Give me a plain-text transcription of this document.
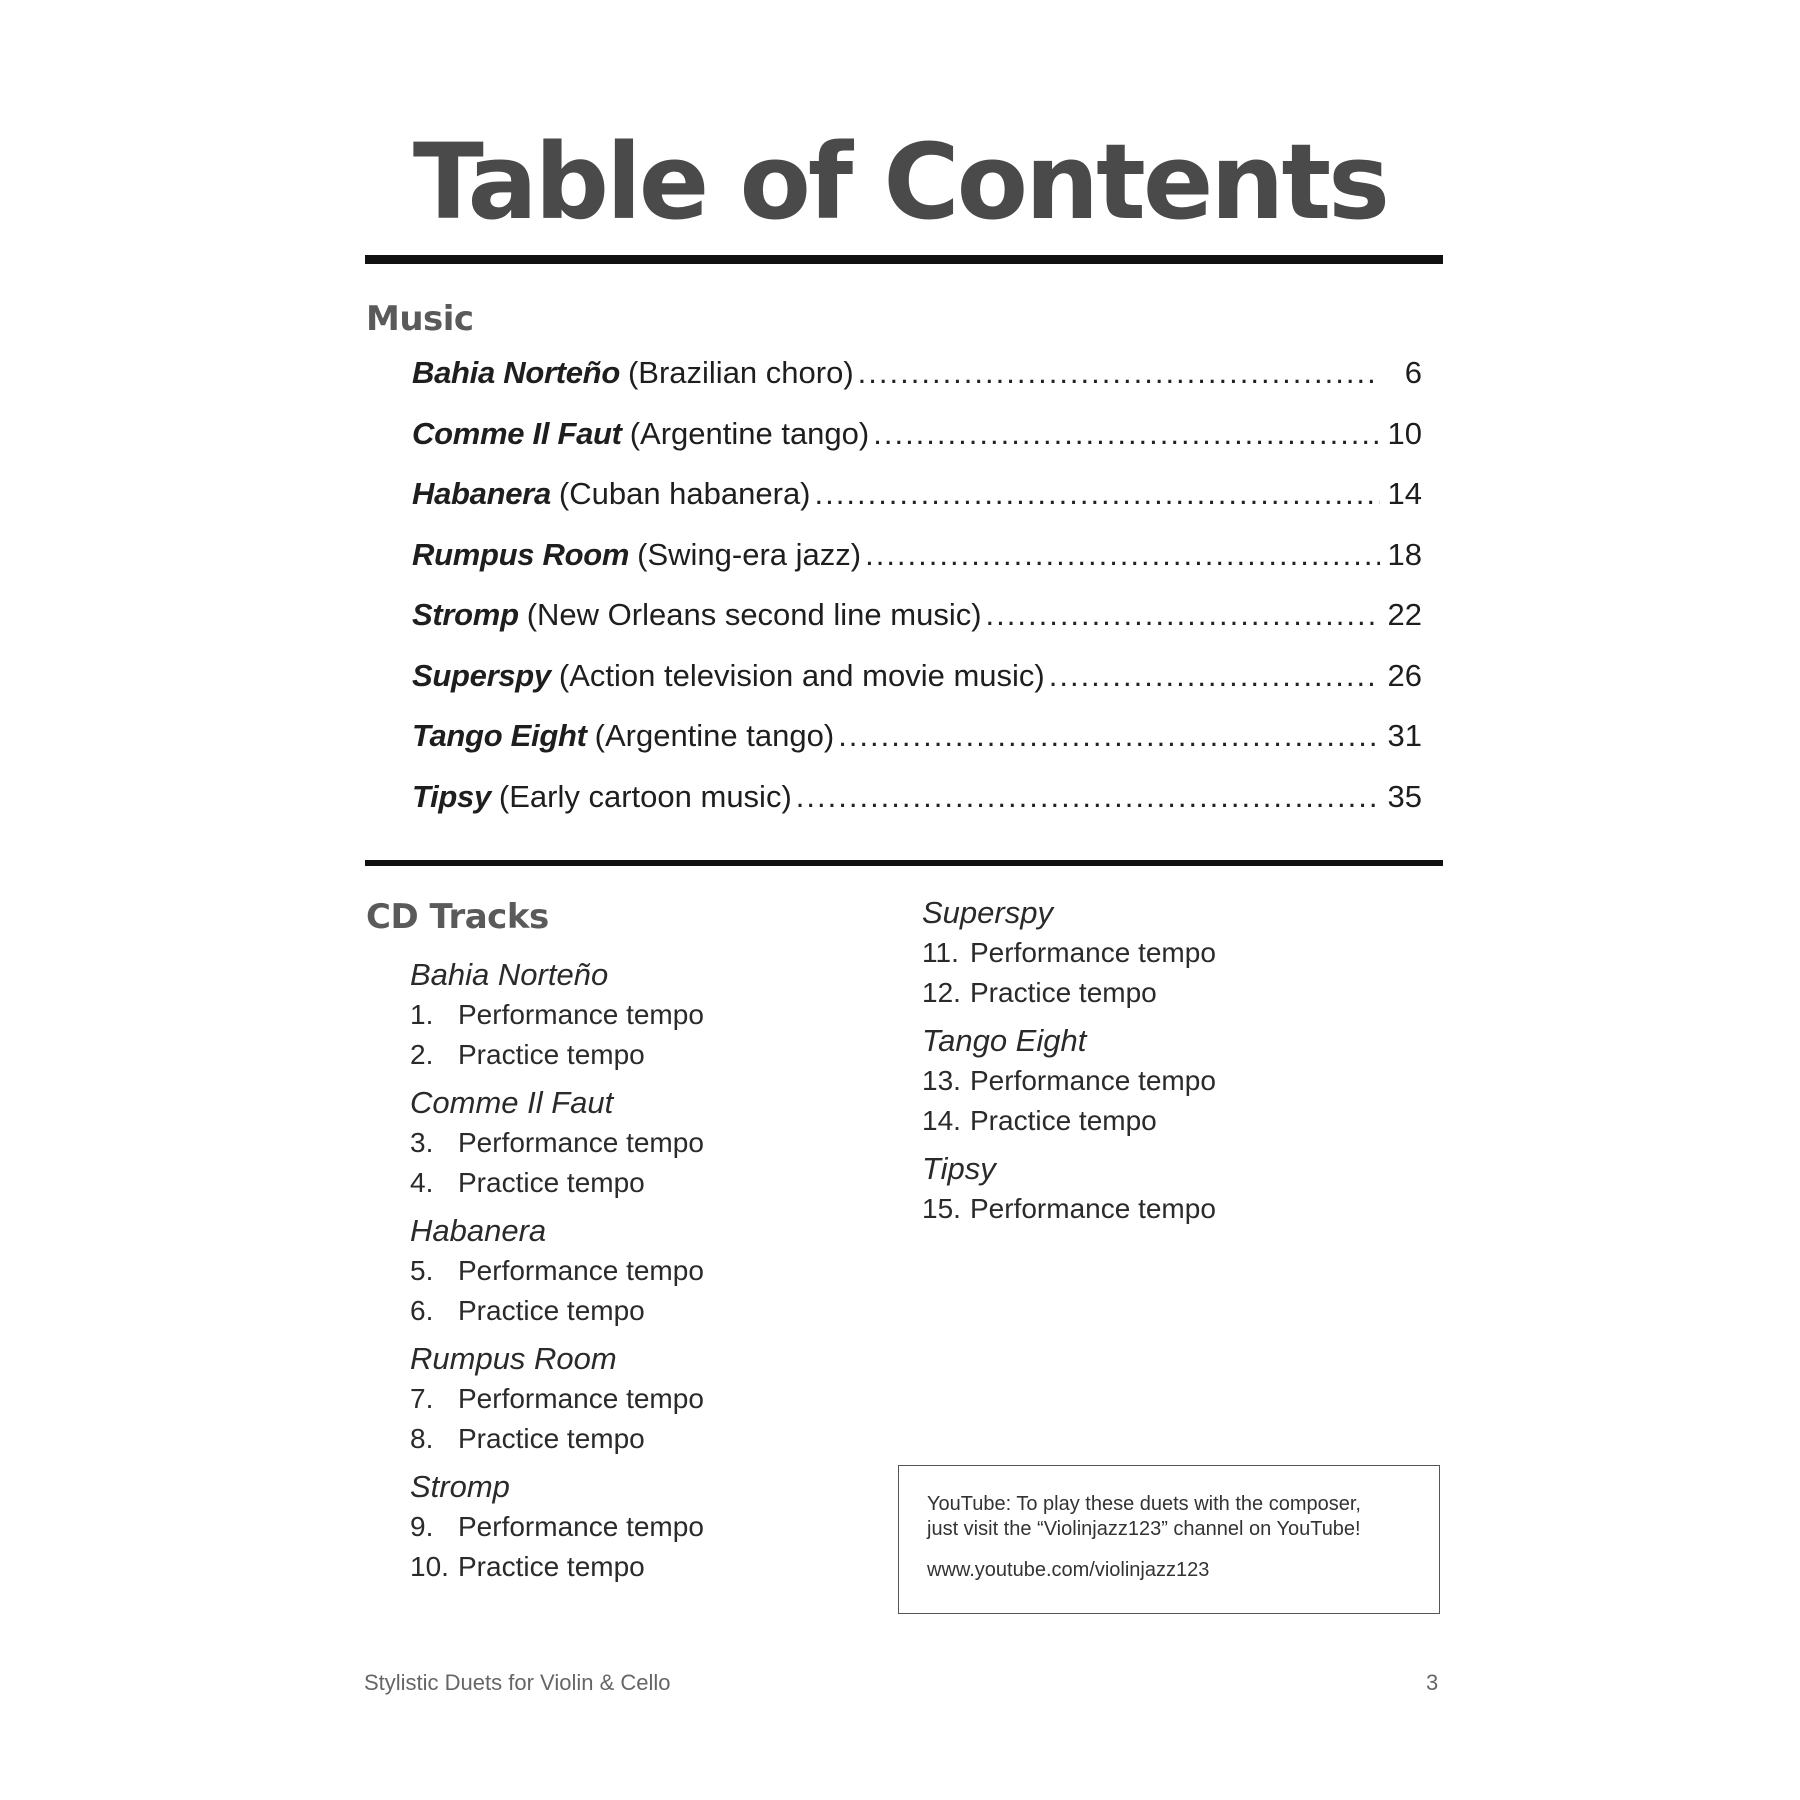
Table of Contents
Music
Bahia Norteño (Brazilian choro) .....	6
Comme Il Faut (Argentine tango) .....	10
Habanera (Cuban habanera) .....	14
Rumpus Room (Swing-era jazz) .....	18
Stromp (New Orleans second line music) .....	22
Superspy (Action television and movie music) .....	26
Tango Eight (Argentine tango) .....	31
Tipsy (Early cartoon music) .....	35
CD Tracks
Bahia Norteño
1. Performance tempo
2. Practice tempo
Comme Il Faut
3. Performance tempo
4. Practice tempo
Habanera
5. Performance tempo
6. Practice tempo
Rumpus Room
7. Performance tempo
8. Practice tempo
Stromp
9. Performance tempo
10. Practice tempo
Superspy
11. Performance tempo
12. Practice tempo
Tango Eight
13. Performance tempo
14. Practice tempo
Tipsy
15. Performance tempo

YouTube: To play these duets with the composer,

just visit the “Violinjazz123” channel on YouTube!

www.youtube.com/violinjazz123

Stylistic Duets for Violin & Cello	3
